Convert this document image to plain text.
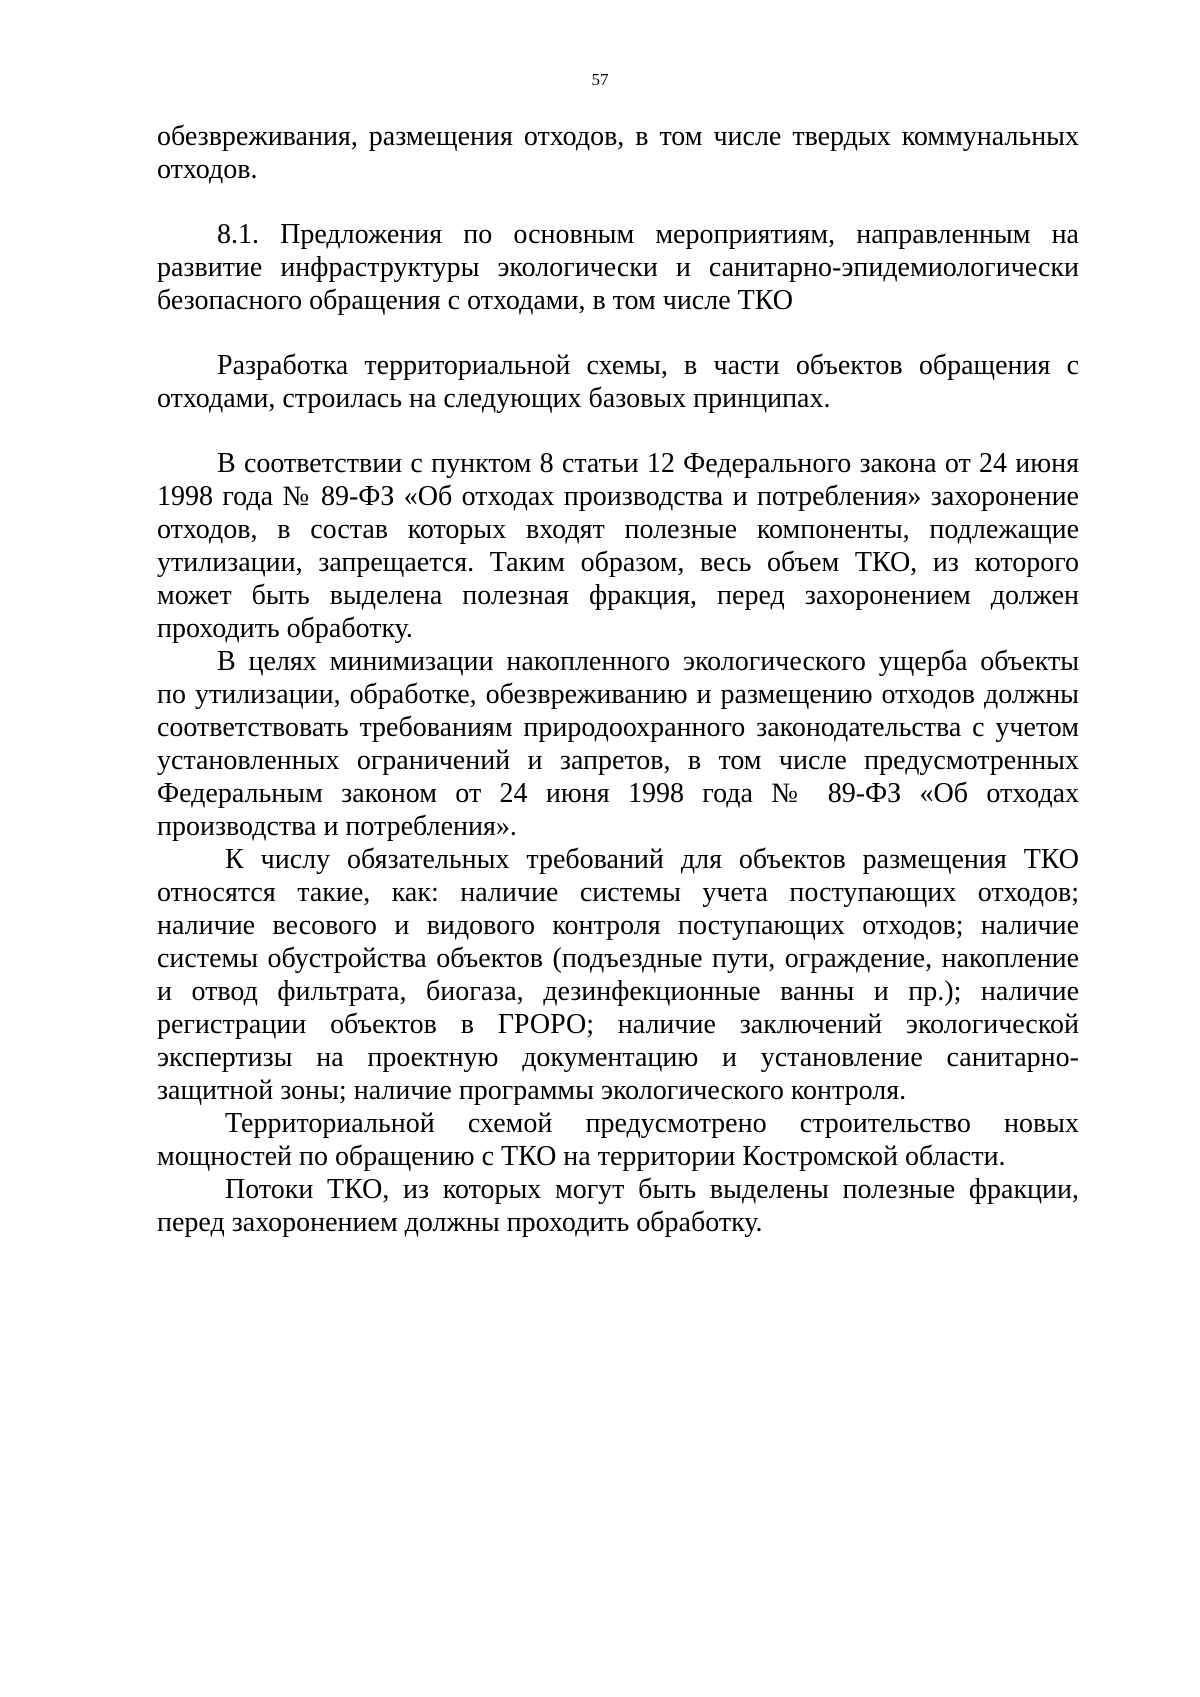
57

обезвреживания, размещения отходов, в том числе твердых коммунальных отходов.

8.1. Предложения по основным мероприятиям, направленным на развитие инфраструктуры экологически и санитарно-эпидемиологически безопасного обращения с отходами, в том числе ТКО

Разработка территориальной схемы, в части объектов обращения с отходами, строилась на следующих базовых принципах.

В соответствии с пунктом 8 статьи 12 Федерального закона от 24 июня 1998 года № 89-ФЗ «Об отходах производства и потребления» захоронение отходов, в состав которых входят полезные компоненты, подлежащие утилизации, запрещается. Таким образом, весь объем ТКО, из которого может быть выделена полезная фракция, перед захоронением должен проходить обработку.

В целях минимизации накопленного экологического ущерба объекты по утилизации, обработке, обезвреживанию и размещению отходов должны соответствовать требованиям природоохранного законодательства с учетом установленных ограничений и запретов, в том числе предусмотренных Федеральным законом от 24 июня 1998 года № 89-ФЗ «Об отходах производства и потребления».

К числу обязательных требований для объектов размещения ТКО относятся такие, как: наличие системы учета поступающих отходов; наличие весового и видового контроля поступающих отходов; наличие системы обустройства объектов (подъездные пути, ограждение, накопление и отвод фильтрата, биогаза, дезинфекционные ванны и пр.); наличие регистрации объектов в ГРОРО; наличие заключений экологической экспертизы на проектную документацию и установление санитарно-защитной зоны; наличие программы экологического контроля.

Территориальной схемой предусмотрено строительство новых мощностей по обращению с ТКО на территории Костромской области.

Потоки ТКО, из которых могут быть выделены полезные фракции, перед захоронением должны проходить обработку.
